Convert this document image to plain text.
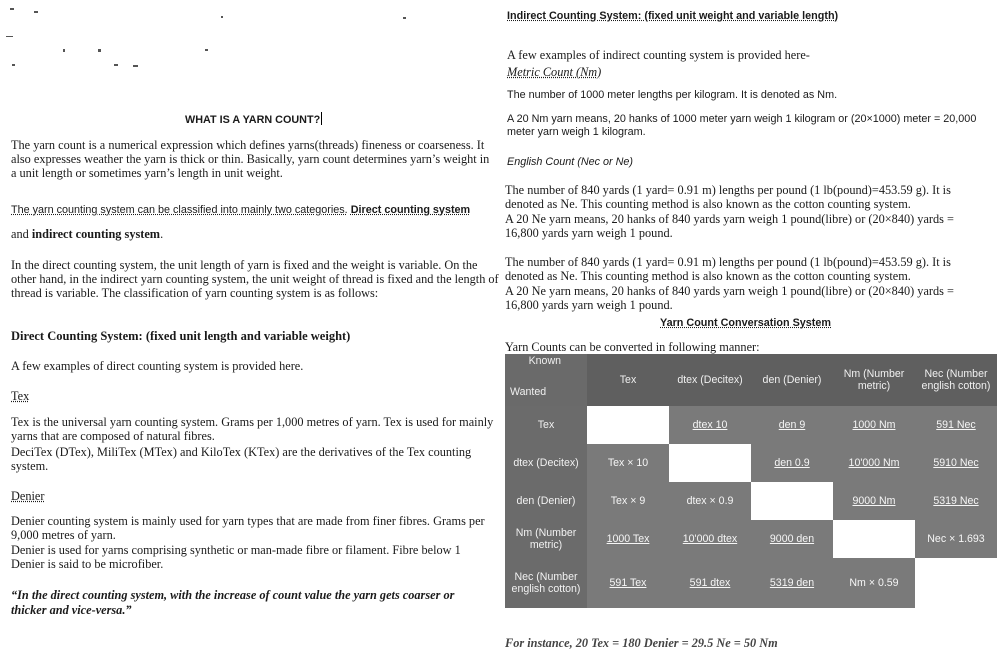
WHAT IS A YARN COUNT?
The yarn count is a numerical expression which defines yarns(threads) fineness or coarseness. It also expresses weather the yarn is thick or thin. Basically, yarn count determines yarn’s weight in a unit length or sometimes yarn’s length in unit weight.
The yarn counting system can be classified into mainly two categories. Direct counting system
and indirect counting system.
In the direct counting system, the unit length of yarn is fixed and the weight is variable. On the other hand, in the indirect yarn counting system, the unit weight of thread is fixed and the length of thread is variable. The classification of yarn counting system is as follows:
Direct Counting System: (fixed unit length and variable weight)
A few examples of direct counting system is provided here.
Tex
Tex is the universal yarn counting system. Grams per 1,000 metres of yarn. Tex is used for mainly yarns that are composed of natural fibres.
DeciTex (DTex), MiliTex (MTex) and KiloTex (KTex) are the derivatives of the Tex counting system.
Denier
Denier counting system is mainly used for yarn types that are made from finer fibres. Grams per 9,000 metres of yarn.
Denier is used for yarns comprising synthetic or man-made fibre or filament. Fibre below 1 Denier is said to be microfiber.
“In the direct counting system, with the increase of count value the yarn gets coarser or thicker and vice-versa.”
Indirect Counting System: (fixed unit weight and variable length)
A few examples of indirect counting system is provided here-
Metric Count (Nm)
The number of 1000 meter lengths per kilogram. It is denoted as Nm.
A 20 Nm yarn means, 20 hanks of 1000 meter yarn weigh 1 kilogram or (20×1000) meter = 20,000 meter yarn weigh 1 kilogram.
English Count (Nec or Ne)
The number of 840 yards (1 yard= 0.91 m) lengths per pound (1 lb(pound)=453.59 g). It is denoted as Ne. This counting method is also known as the cotton counting system.
A 20 Ne yarn means, 20 hanks of 840 yards yarn weigh 1 pound(libre) or (20×840) yards = 16,800 yards yarn weigh 1 pound.
The number of 840 yards (1 yard= 0.91 m) lengths per pound (1 lb(pound)=453.59 g). It is denoted as Ne. This counting method is also known as the cotton counting system.
A 20 Ne yarn means, 20 hanks of 840 yards yarn weigh 1 pound(libre) or (20×840) yards = 16,800 yards yarn weigh 1 pound.
Yarn Count Conversation System
Yarn Counts can be converted in following manner:
Known
Wanted	Tex	dtex (Decitex)	den (Denier)	Nm (Number metric)	Nec (Number english cotton)
Tex		dtex 10	den 9	1000 Nm	591 Nec
dtex (Decitex)	Tex × 10		den 0.9	10'000 Nm	5910 Nec
den (Denier)	Tex × 9	dtex × 0.9		9000 Nm	5319 Nec
Nm (Number metric)	1000 Tex	10'000 dtex	9000 den		Nec × 1.693
Nec (Number english cotton)	591 Tex	591 dtex	5319 den	Nm × 0.59	
For instance, 20 Tex = 180 Denier = 29.5 Ne = 50 Nm
